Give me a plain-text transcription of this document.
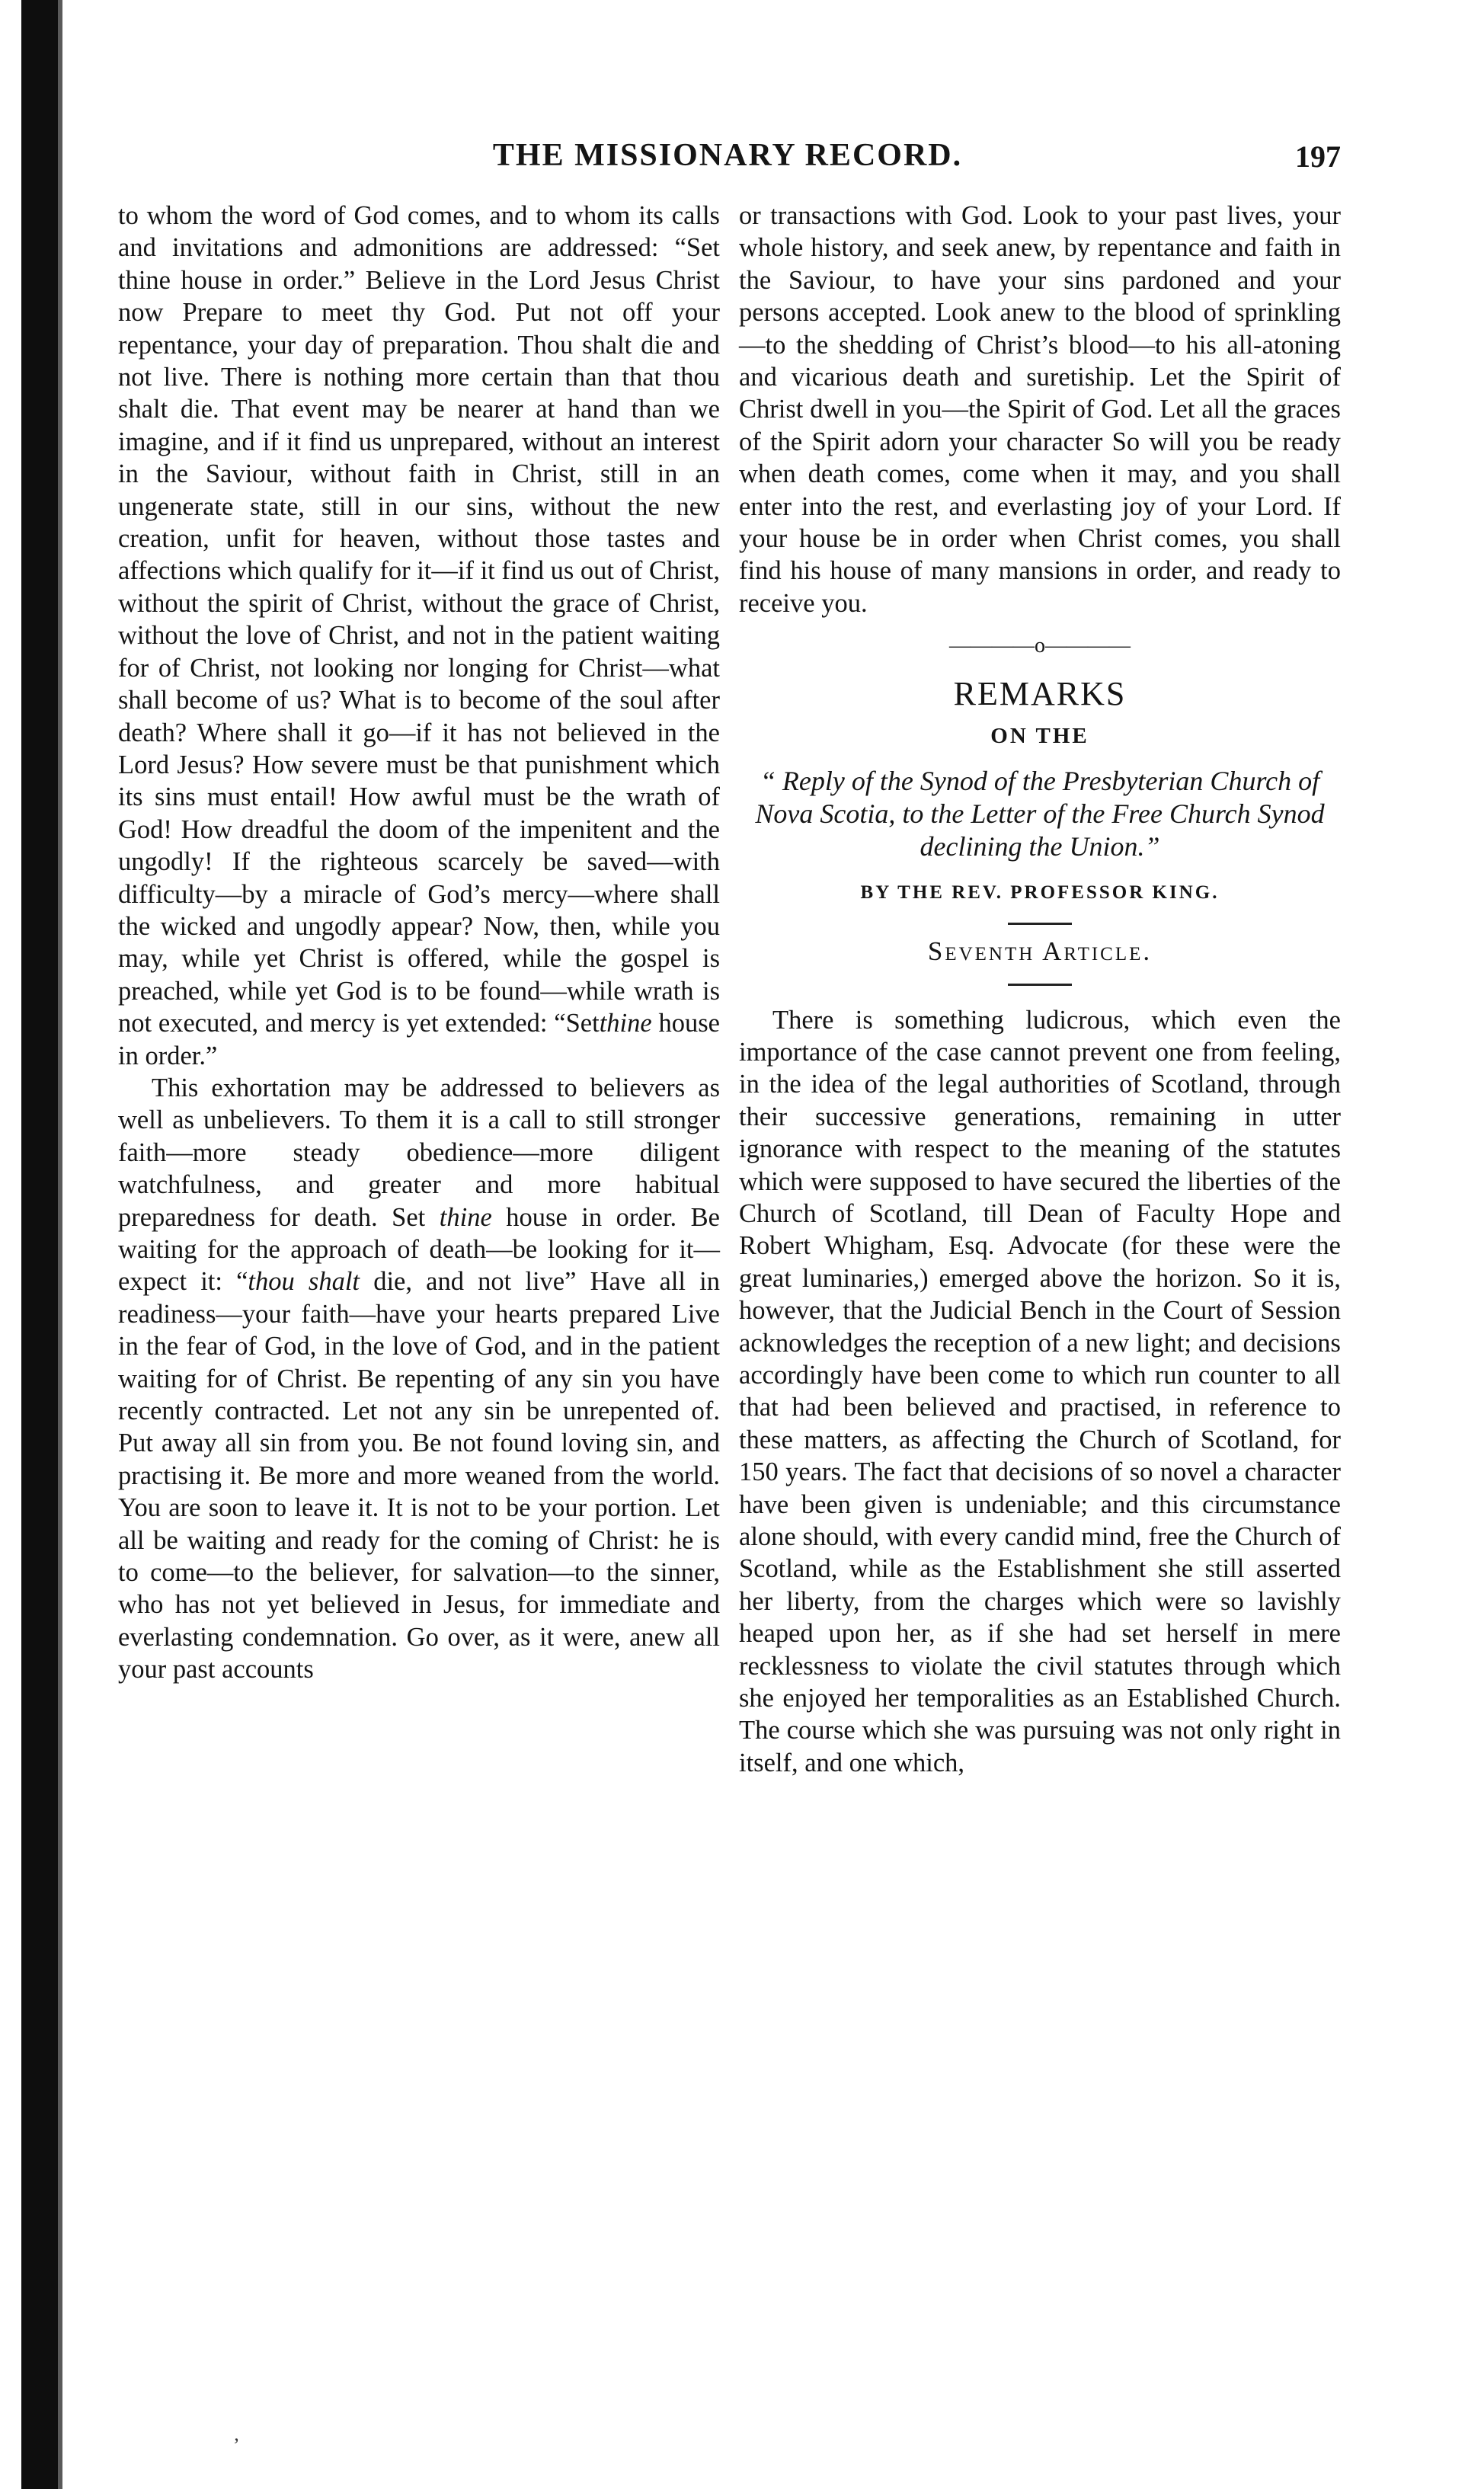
THE MISSIONARY RECORD.	197

to whom the word of God comes, and to whom its calls and invitations and admonitions are addressed: “Set thine house in order.” Believe in the Lord Jesus Christ now Prepare to meet thy God. Put not off your repentance, your day of preparation. Thou shalt die and not live. There is nothing more certain than that thou shalt die. That event may be nearer at hand than we imagine, and if it find us unprepared, without an interest in the Saviour, without faith in Christ, still in an ungenerate state, still in our sins, without the new creation, unfit for heaven, without those tastes and affections which qualify for it—if it find us out of Christ, without the spirit of Christ, without the grace of Christ, without the love of Christ, and not in the patient waiting for of Christ, not looking nor longing for Christ—what shall become of us? What is to become of the soul after death? Where shall it go—if it has not believed in the Lord Jesus? How severe must be that punishment which its sins must entail! How awful must be the wrath of God! How dreadful the doom of the impenitent and the ungodly! If the righteous scarcely be saved—with difficulty—by a miracle of God’s mercy—where shall the wicked and ungodly appear? Now, then, while you may, while yet Christ is offered, while the gospel is preached, while yet God is to be found—while wrath is not executed, and mercy is yet extended: “Setthine house in order.”

This exhortation may be addressed to believers as well as unbelievers. To them it is a call to still stronger faith—more steady obedience—more diligent watchfulness, and greater and more habitual preparedness for death. Set thine house in order. Be waiting for the approach of death—be looking for it—expect it: “thou shalt die, and not live” Have all in readiness—your faith—have your hearts prepared Live in the fear of God, in the love of God, and in the patient waiting for of Christ. Be repenting of any sin you have recently contracted. Let not any sin be unrepented of. Put away all sin from you. Be not found loving sin, and practising it. Be more and more weaned from the world. You are soon to leave it. It is not to be your portion. Let all be waiting and ready for the coming of Christ: he is to come—to the believer, for salvation—to the sinner, who has not yet believed in Jesus, for immediate and everlasting condemnation. Go over, as it were, anew all your past accounts

or transactions with God. Look to your past lives, your whole history, and seek anew, by repentance and faith in the Saviour, to have your sins pardoned and your persons accepted. Look anew to the blood of sprinkling—to the shedding of Christ’s blood—to his all-atoning and vicarious death and suretiship. Let the Spirit of Christ dwell in you—the Spirit of God. Let all the graces of the Spirit adorn your character So will you be ready when death comes, come when it may, and you shall enter into the rest, and everlasting joy of your Lord. If your house be in order when Christ comes, you shall find his house of many mansions in order, and ready to receive you.

————o————
REMARKS
ON THE
“ Reply of the Synod of the Presbyterian Church of Nova Scotia, to the Letter of the Free Church Synod declining the Union.”
BY THE REV. PROFESSOR KING.
Seventh Article.

There is something ludicrous, which even the importance of the case cannot prevent one from feeling, in the idea of the legal authorities of Scotland, through their successive generations, remaining in utter ignorance with respect to the meaning of the statutes which were supposed to have secured the liberties of the Church of Scotland, till Dean of Faculty Hope and Robert Whigham, Esq. Advocate (for these were the great luminaries,) emerged above the horizon. So it is, however, that the Judicial Bench in the Court of Session acknowledges the reception of a new light; and decisions accordingly have been come to which run counter to all that had been believed and practised, in reference to these matters, as affecting the Church of Scotland, for 150 years. The fact that decisions of so novel a character have been given is undeniable; and this circumstance alone should, with every candid mind, free the Church of Scotland, while as the Establishment she still asserted her liberty, from the charges which were so lavishly heaped upon her, as if she had set herself in mere recklessness to violate the civil statutes through which she enjoyed her temporalities as an Established Church. The course which she was pursuing was not only right in itself, and one which,

‚
